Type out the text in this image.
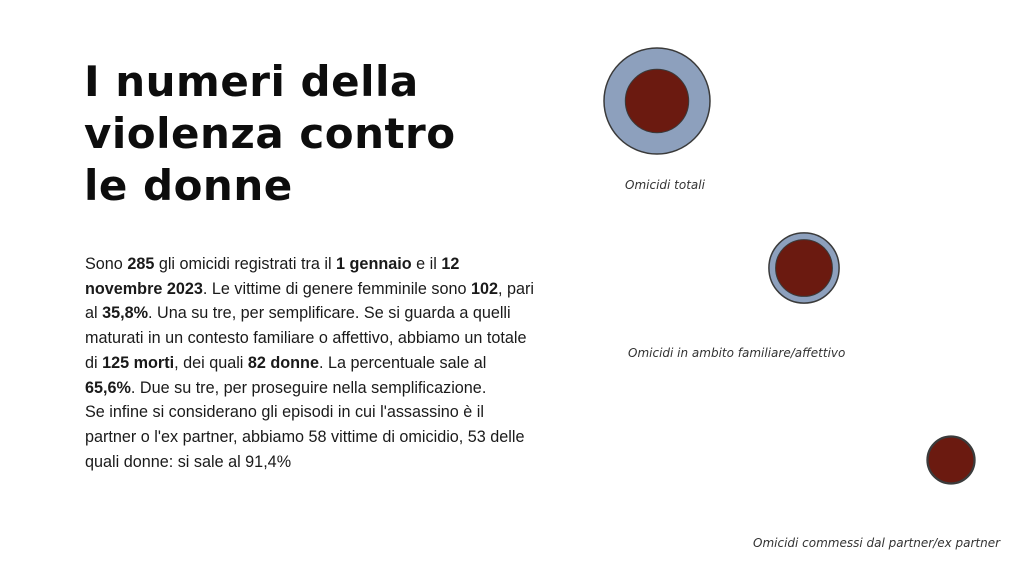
I numeri della
violenza contro
le donne

Sono 285 gli omicidi registrati tra il 1 gennaio e il 12 novembre 2023. Le vittime di genere femminile sono 102, pari al 35,8%. Una su tre, per semplificare. Se si guarda a quelli maturati in un contesto familiare o affettivo, abbiamo un totale di 125 morti, dei quali 82 donne. La percentuale sale al 65,6%. Due su tre, per proseguire nella semplificazione.

Se infine si considerano gli episodi in cui l'assassino è il partner o l'ex partner, abbiamo 58 vittime di omicidio, 53 delle quali donne: si sale al 91,4%

Omicidi totali
Omicidi in ambito familiare/affettivo
Omicidi commessi dal partner/ex partner
